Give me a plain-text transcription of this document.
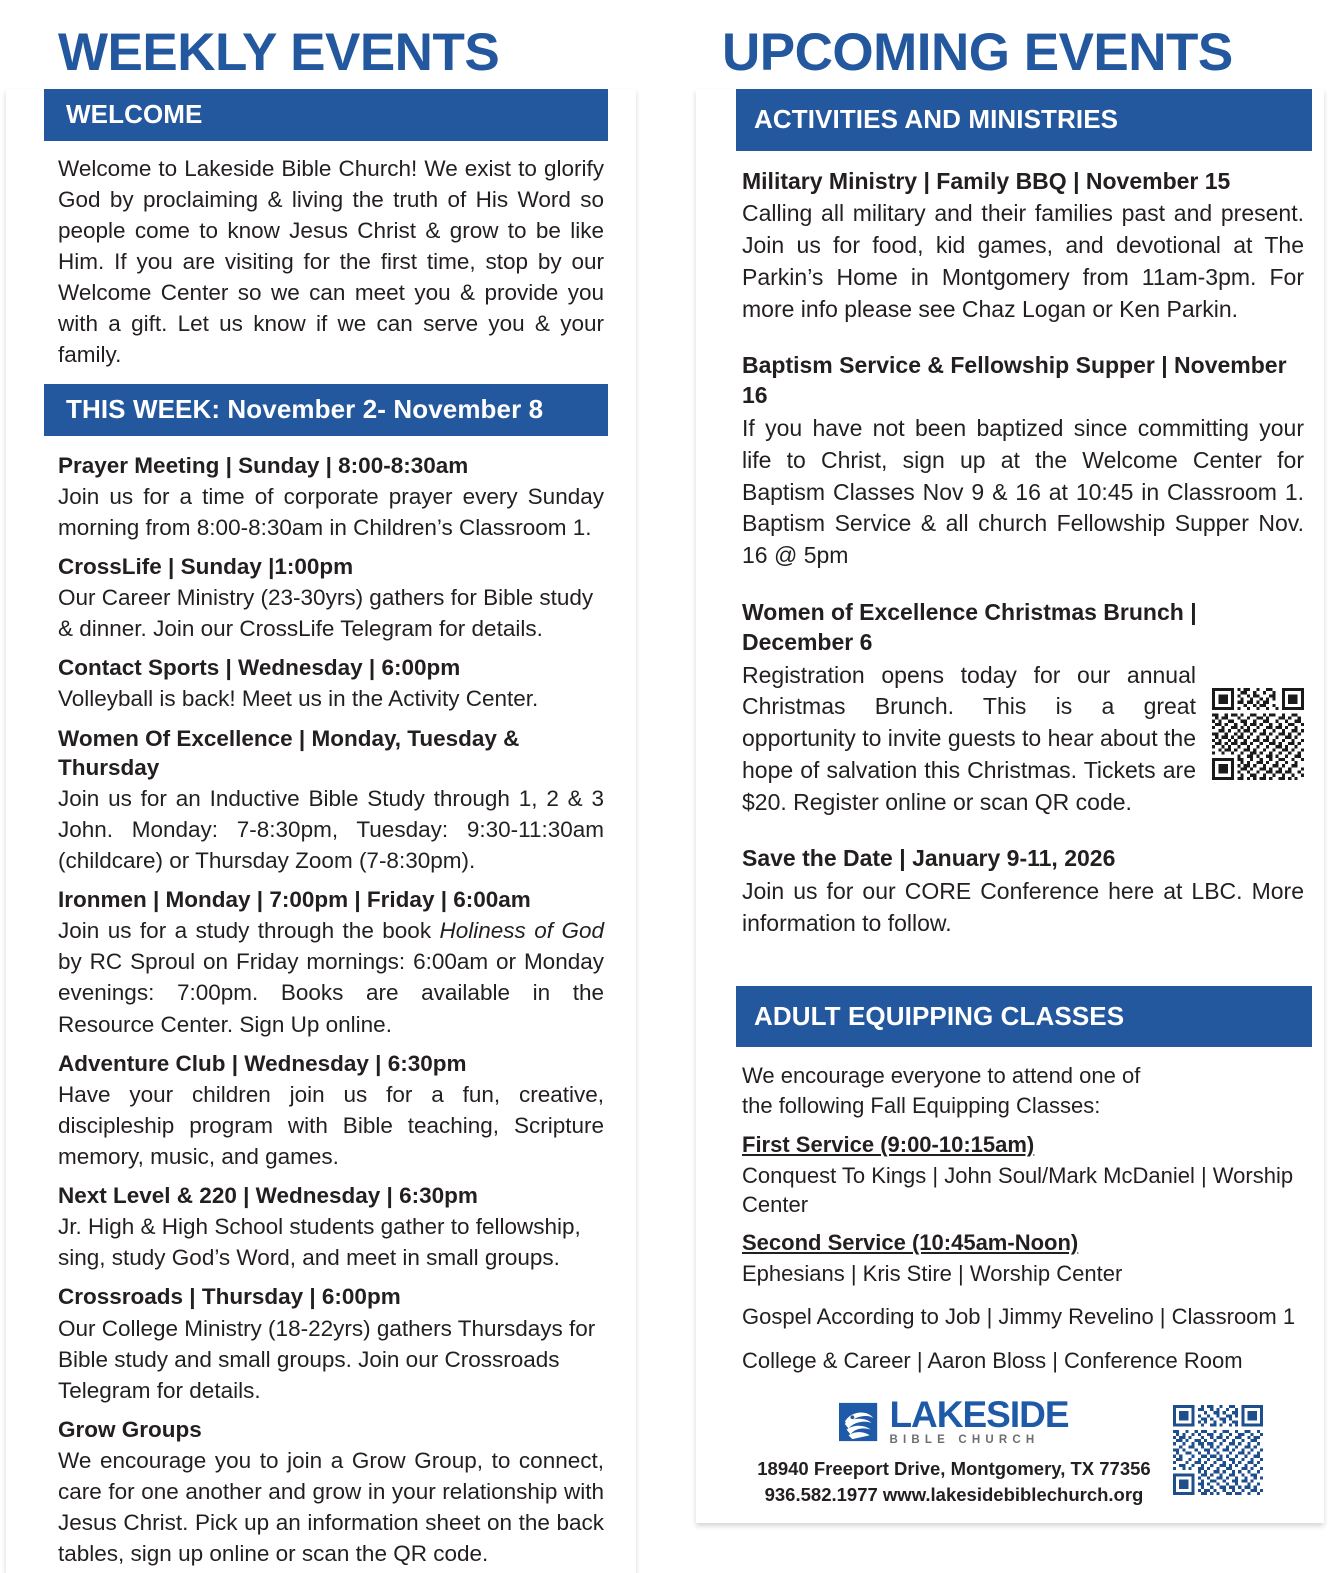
WEEKLY EVENTS
WELCOME

Welcome to Lakeside Bible Church! We exist to glorify God by proclaiming & living the truth of His Word so people come to know Jesus Christ & grow to be like Him. If you are visiting for the first time, stop by our Welcome Center so we can meet you & provide you with a gift. Let us know if we can serve you & your family.

THIS WEEK: November 2- November 8
Prayer Meeting | Sunday | 8:00-8:30am
Join us for a time of corporate prayer every Sunday morning from 8:00-8:30am in Children’s Classroom 1.
CrossLife | Sunday |1:00pm
Our Career Ministry (23-30yrs) gathers for Bible study & dinner. Join our CrossLife Telegram for details.
Contact Sports | Wednesday | 6:00pm
Volleyball is back! Meet us in the Activity Center.
Women Of Excellence | Monday, Tuesday & Thursday
Join us for an Inductive Bible Study through 1, 2 & 3 John. Monday: 7-8:30pm, Tuesday: 9:30-11:30am (childcare) or Thursday Zoom (7-8:30pm).
Ironmen | Monday | 7:00pm | Friday | 6:00am
Join us for a study through the book Holiness of God by RC Sproul on Friday mornings: 6:00am or Monday evenings: 7:00pm. Books are available in the Resource Center. Sign Up online.
Adventure Club | Wednesday | 6:30pm
Have your children join us for a fun, creative, discipleship program with Bible teaching, Scripture memory, music, and games.
Next Level & 220 | Wednesday | 6:30pm
Jr. High & High School students gather to fellowship, sing, study God’s Word, and meet in small groups.
Crossroads | Thursday | 6:00pm
Our College Ministry (18-22yrs) gathers Thursdays for Bible study and small groups. Join our Crossroads Telegram for details.
Grow Groups
We encourage you to join a Grow Group, to connect, care for one another and grow in your relationship with Jesus Christ. Pick up an information sheet on the back tables, sign up online or scan the QR code.
UPCOMING EVENTS
ACTIVITIES AND MINISTRIES
Military Ministry | Family BBQ | November 15
Calling all military and their families past and present. Join us for food, kid games, and devotional at The Parkin’s Home in Montgomery from 11am-3pm. For more info please see Chaz Logan or Ken Parkin.
Baptism Service & Fellowship Supper | November 16
If you have not been baptized since committing your life to Christ, sign up at the Welcome Center for Baptism Classes Nov 9 & 16 at 10:45 in Classroom 1. Baptism Service & all church Fellowship Supper Nov. 16 @ 5pm
Women of Excellence Christmas Brunch | December 6
Registration opens today for our annual Christmas Brunch. This is a great opportunity to invite guests to hear about the hope of salvation this Christmas. Tickets are $20. Register online or scan QR code.
Save the Date | January 9-11, 2026
Join us for our CORE Conference here at LBC. More information to follow.
ADULT EQUIPPING CLASSES
We encourage everyone to attend one of
the following Fall Equipping Classes:
First Service (9:00-10:15am)
Conquest To Kings | John Soul/Mark McDaniel | Worship Center
Second Service (10:45am-Noon)
Ephesians | Kris Stire | Worship Center
Gospel According to Job | Jimmy Revelino | Classroom 1
College & Career | Aaron Bloss | Conference Room
LAKESIDE
BIBLE CHURCH
18940 Freeport Drive, Montgomery, TX 77356
936.582.1977 www.lakesidebiblechurch.org
